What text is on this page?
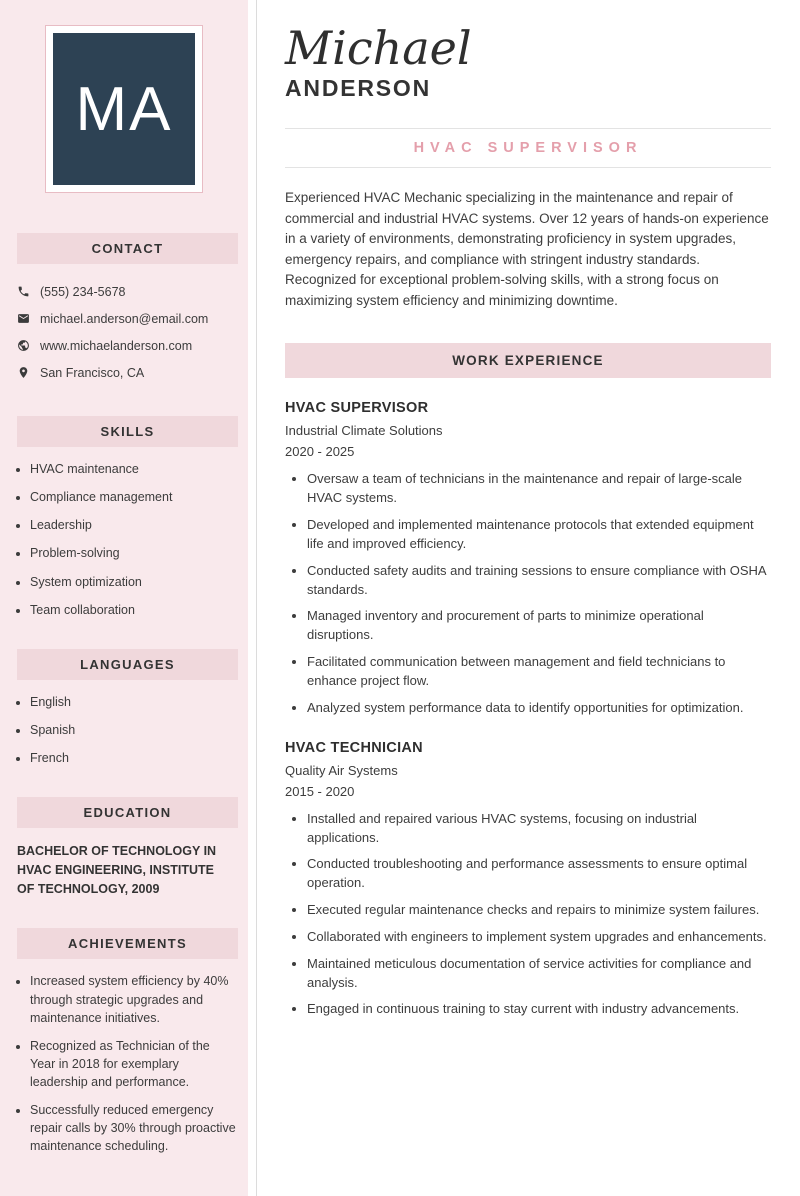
MA
CONTACT
(555) 234-5678
michael.anderson@email.com
www.michaelanderson.com
San Francisco, CA
SKILLS
• HVAC maintenance
• Compliance management
• Leadership
• Problem-solving
• System optimization
• Team collaboration
LANGUAGES
• English
• Spanish
• French
EDUCATION

BACHELOR OF TECHNOLOGY IN HVAC ENGINEERING, INSTITUTE OF TECHNOLOGY, 2009

ACHIEVEMENTS
• Increased system efficiency by 40% through strategic upgrades and maintenance initiatives.
• Recognized as Technician of the Year in 2018 for exemplary leadership and performance.
• Successfully reduced emergency repair calls by 30% through proactive maintenance scheduling.
Michael
ANDERSON
HVAC SUPERVISOR

Experienced HVAC Mechanic specializing in the maintenance and repair of commercial and industrial HVAC systems. Over 12 years of hands-on experience in a variety of environments, demonstrating proficiency in system upgrades, emergency repairs, and compliance with stringent industry standards. Recognized for exceptional problem-solving skills, with a strong focus on maximizing system efficiency and minimizing downtime.

WORK EXPERIENCE
HVAC SUPERVISOR
Industrial Climate Solutions
2020 - 2025
• Oversaw a team of technicians in the maintenance and repair of large-scale HVAC systems.
• Developed and implemented maintenance protocols that extended equipment life and improved efficiency.
• Conducted safety audits and training sessions to ensure compliance with OSHA standards.
• Managed inventory and procurement of parts to minimize operational disruptions.
• Facilitated communication between management and field technicians to enhance project flow.
• Analyzed system performance data to identify opportunities for optimization.
HVAC TECHNICIAN
Quality Air Systems
2015 - 2020
• Installed and repaired various HVAC systems, focusing on industrial applications.
• Conducted troubleshooting and performance assessments to ensure optimal operation.
• Executed regular maintenance checks and repairs to minimize system failures.
• Collaborated with engineers to implement system upgrades and enhancements.
• Maintained meticulous documentation of service activities for compliance and analysis.
• Engaged in continuous training to stay current with industry advancements.
